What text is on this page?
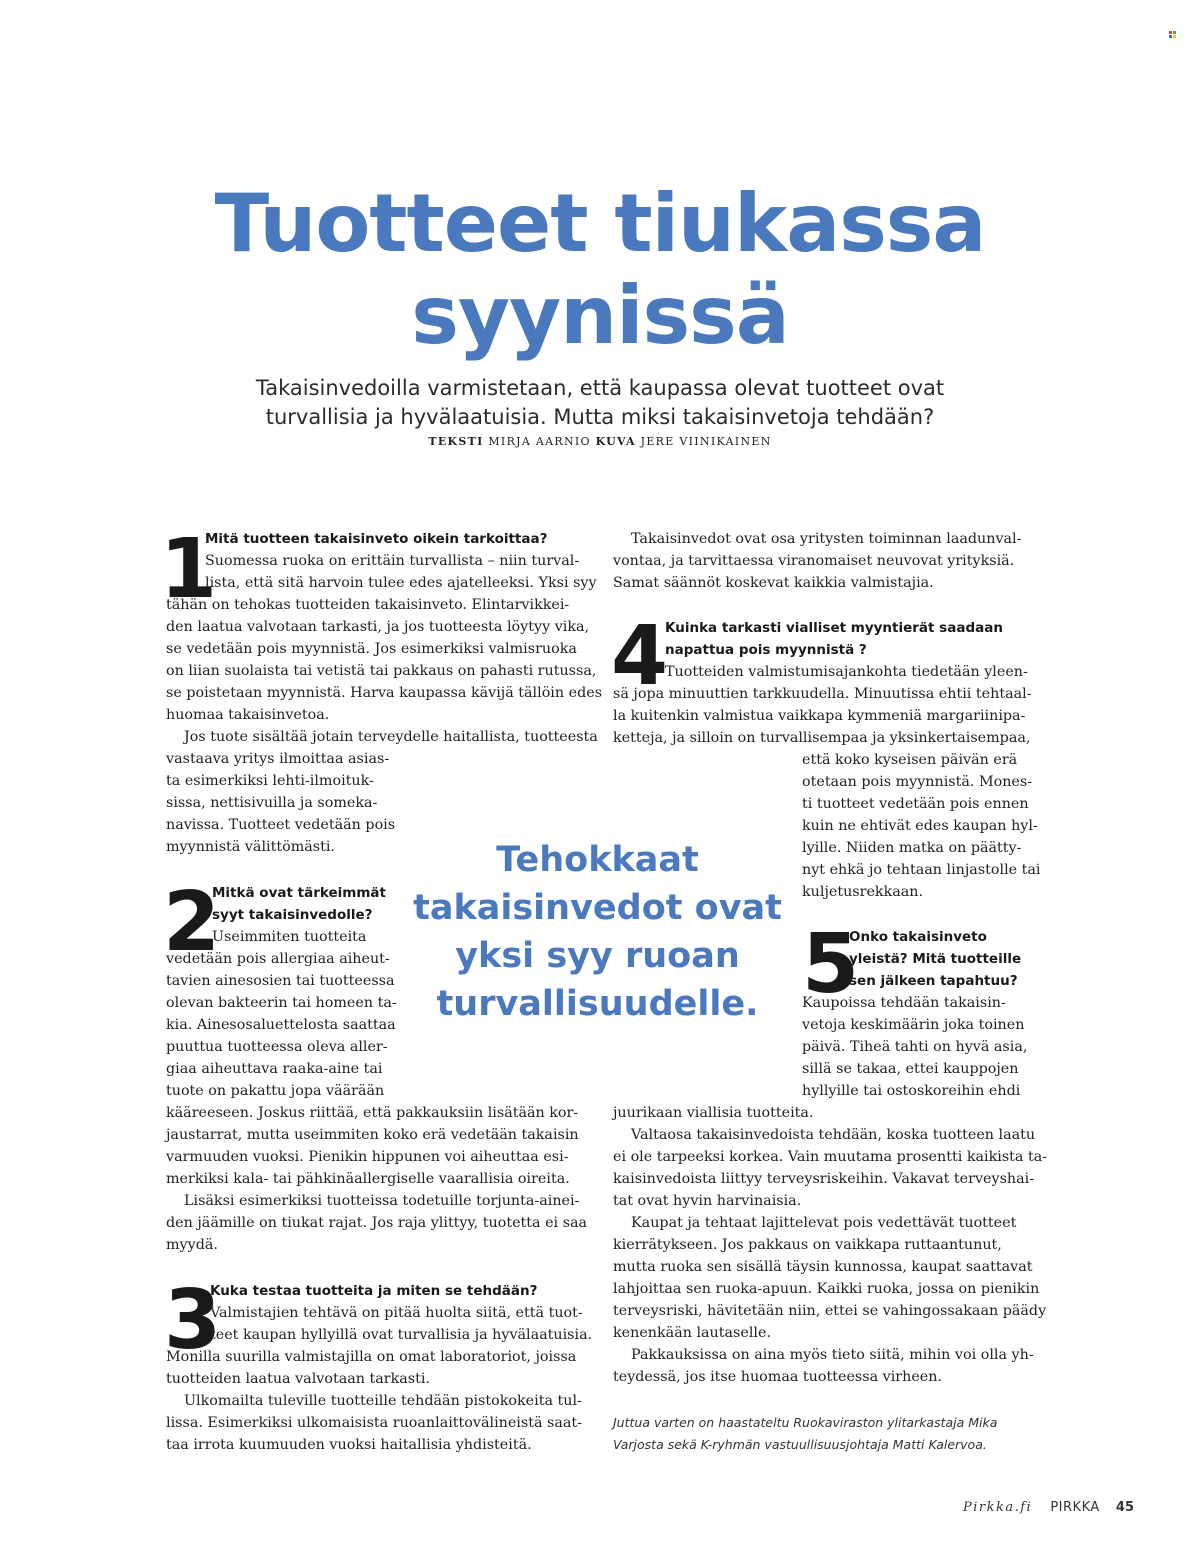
Tuotteet tiukassa
syynissä
Takaisinvedoilla varmistetaan, että kaupassa olevat tuotteet ovat
turvallisia ja hyvälaatuisia. Mutta miksi takaisinvetoja tehdään?
TEKSTI MIRJA AARNIO KUVA JERE VIINIKAINEN
1
Mitä tuotteen takaisinveto oikein tarkoittaa?
Suomessa ruoka on erittäin turvallista – niin turval-
lista, että sitä harvoin tulee edes ajatelleeksi. Yksi syy
tähän on tehokas tuotteiden takaisinveto. Elintarvikkei-
den laatua valvotaan tarkasti, ja jos tuotteesta löytyy vika,
se vedetään pois myynnistä. Jos esimerkiksi valmisruoka
on liian suolaista tai vetistä tai pakkaus on pahasti rutussa,
se poistetaan myynnistä. Harva kaupassa kävijä tällöin edes
huomaa takaisinvetoa.
Jos tuote sisältää jotain terveydelle haitallista, tuotteesta
vastaava yritys ilmoittaa asias-
ta esimerkiksi lehti-ilmoituk-
sissa, nettisivuilla ja someka-
navissa. Tuotteet vedetään pois
myynnistä välittömästi.
2
Mitkä ovat tärkeimmät
syyt takaisinvedolle?
Useimmiten tuotteita
vedetään pois allergiaa aiheut-
tavien ainesosien tai tuotteessa
olevan bakteerin tai homeen ta-
kia. Ainesosaluettelosta saattaa
puuttua tuotteessa oleva aller-
giaa aiheuttava raaka-aine tai
tuote on pakattu jopa väärään
kääreeseen. Joskus riittää, että pakkauksiin lisätään kor-
jaustarrat, mutta useimmiten koko erä vedetään takaisin
varmuuden vuoksi. Pienikin hippunen voi aiheuttaa esi-
merkiksi kala- tai pähkinäallergiselle vaarallisia oireita.
Lisäksi esimerkiksi tuotteissa todetuille torjunta-ainei-
den jäämille on tiukat rajat. Jos raja ylittyy, tuotetta ei saa
myydä.
3
Kuka testaa tuotteita ja miten se tehdään?
Valmistajien tehtävä on pitää huolta siitä, että tuot-
teet kaupan hyllyillä ovat turvallisia ja hyvälaatuisia.
Monilla suurilla valmistajilla on omat laboratoriot, joissa
tuotteiden laatua valvotaan tarkasti.
Ulkomailta tuleville tuotteille tehdään pistokokeita tul-
lissa. Esimerkiksi ulkomaisista ruoanlaittovälineistä saat-
taa irrota kuumuuden vuoksi haitallisia yhdisteitä.
Takaisinvedot ovat osa yritysten toiminnan laadunval-
vontaa, ja tarvittaessa viranomaiset neuvovat yrityksiä.
Samat säännöt koskevat kaikkia valmistajia.
4
Kuinka tarkasti vialliset myyntierät saadaan
napattua pois myynnistä ?
Tuotteiden valmistumisajankohta tiedetään yleen-
sä jopa minuuttien tarkkuudella. Minuutissa ehtii tehtaal-
la kuitenkin valmistua vaikkapa kymmeniä margariinipa-
ketteja, ja silloin on turvallisempaa ja yksinkertaisempaa,
että koko kyseisen päivän erä
otetaan pois myynnistä. Mones-
ti tuotteet vedetään pois ennen
kuin ne ehtivät edes kaupan hyl-
lyille. Niiden matka on päätty-
nyt ehkä jo tehtaan linjastolle tai
kuljetusrekkaan.
5
Onko takaisinveto
yleistä? Mitä tuotteille
sen jälkeen tapahtuu?
Kaupoissa tehdään takaisin-
vetoja keskimäärin joka toinen
päivä. Tiheä tahti on hyvä asia,
sillä se takaa, ettei kauppojen
hyllyille tai ostoskoreihin ehdi
juurikaan viallisia tuotteita.
Valtaosa takaisinvedoista tehdään, koska tuotteen laatu
ei ole tarpeeksi korkea. Vain muutama prosentti kaikista ta-
kaisinvedoista liittyy terveysriskeihin. Vakavat terveyshai-
tat ovat hyvin harvinaisia.
Kaupat ja tehtaat lajittelevat pois vedettävät tuotteet
kierrätykseen. Jos pakkaus on vaikkapa ruttaantunut,
mutta ruoka sen sisällä täysin kunnossa, kaupat saattavat
lahjoittaa sen ruoka-apuun. Kaikki ruoka, jossa on pienikin
terveysriski, hävitetään niin, ettei se vahingossakaan päädy
kenenkään lautaselle.
Pakkauksissa on aina myös tieto siitä, mihin voi olla yh-
teydessä, jos itse huomaa tuotteessa virheen.
Tehokkaat
takaisinvedot ovat
yksi syy ruoan
turvallisuudelle.
Juttua varten on haastateltu Ruokaviraston ylitarkastaja Mika
Varjosta sekä K-ryhmän vastuullisuusjohtaja Matti Kalervoa.
Pirkka.fi PIRKKA 45
